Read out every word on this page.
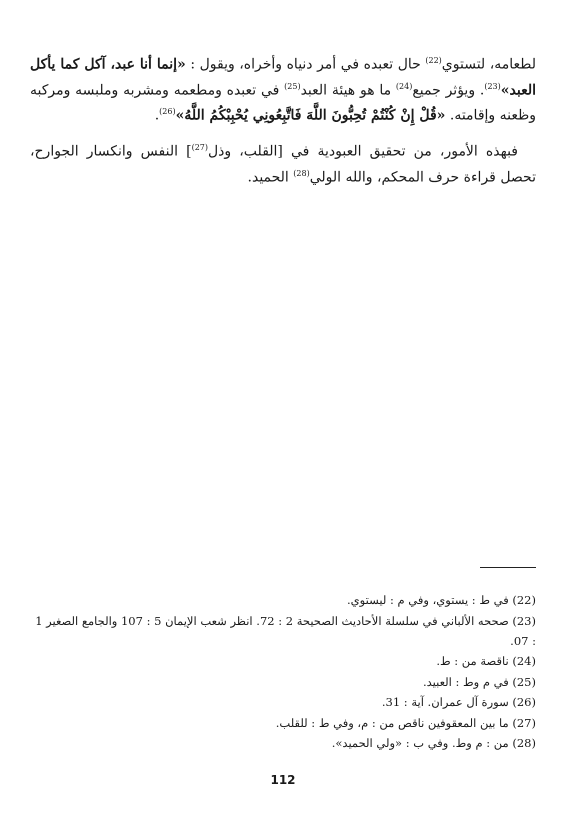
لطعامه، لتستوي$^{(22)}$ حال تعبده في أمر دنياه وأخراه، ويقول : «إنما أنا عبد، آكل كما يأكل العبد»$^{(23)}$. ويؤثر جميع$^{(24)}$ ما هو هيئة العبد$^{(25)}$ في تعبده ومطعمه ومشربه وملبسه ومركبه وظعنه وإقامته. «قُلْ إِنْ كُنْتُمْ تُحِبُّونَ اللَّهَ فَاتَّبِعُونِي يُحْبِبْكُمُ اللَّهُ»$^{(26)}$.

فبهذه الأمور، من تحقيق العبودية في [القلب، وذل$^{(27)}$] النفس وانكسار الجوارح، تحصل قراءة حرف المحكم، والله الولي$^{(28)}$ الحميد.

(22) في ط : يستوي، وفي م : ليستوي.

(23) صححه الألباني في سلسلة الأحاديث الصحيحة 2 : 72. انظر شعب الإيمان 5 : 107 والجامع الصغير 1 : 07.

(24) ناقصة من : ط.

(25) في م وط : العبيد.

(26) سورة آل عمران. آية : 31.

(27) ما بين المعقوفين ناقص من : م، وفي ط : للقلب.

(28) من : م وط. وفي ب : «ولي الحميد».

112
